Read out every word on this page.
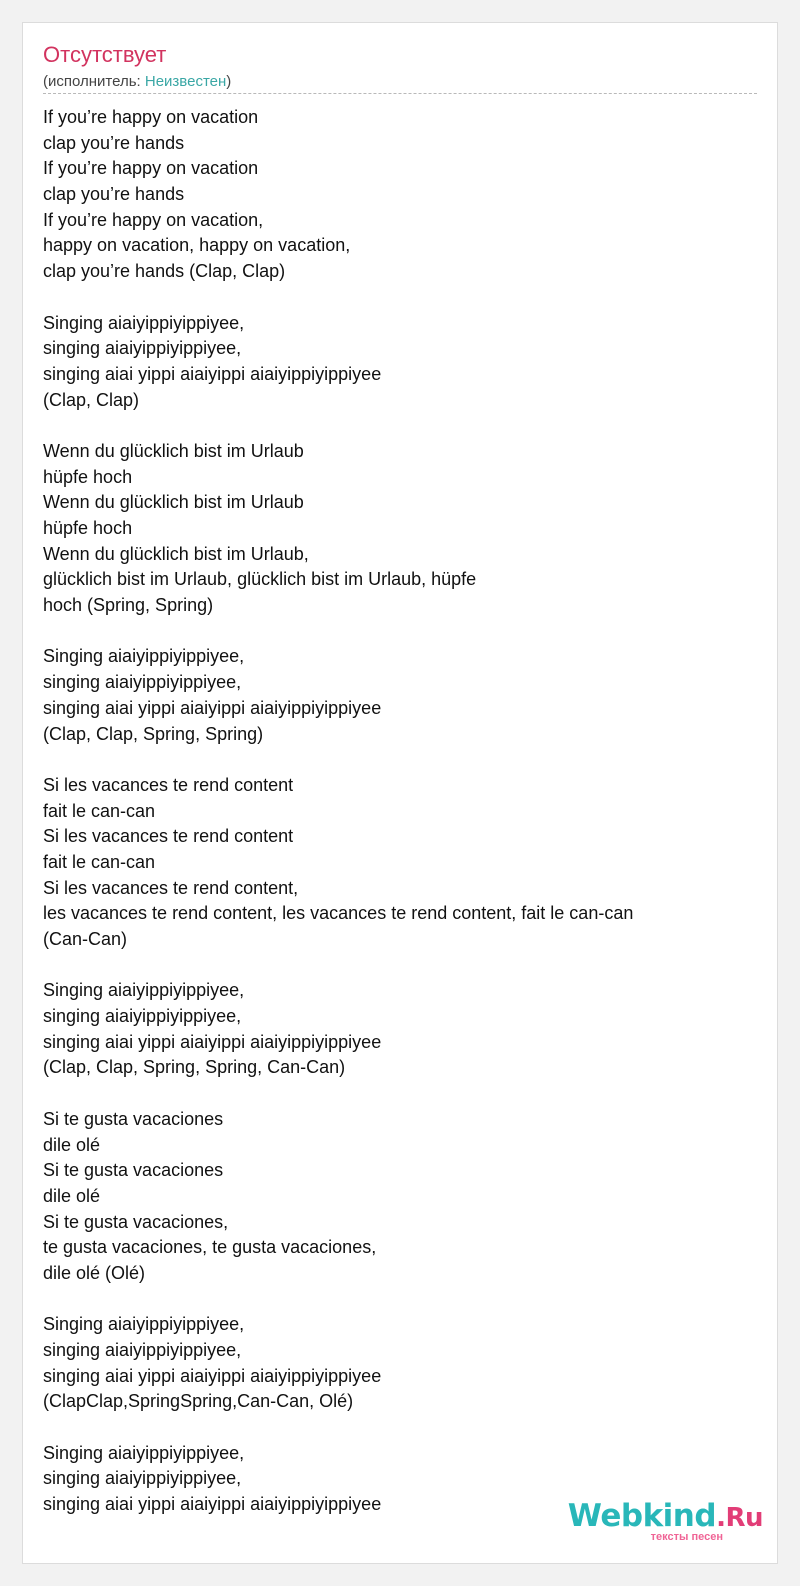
Отсутствует
(исполнитель: Неизвестен)
If you’re happy on vacation
clap you’re hands
If you’re happy on vacation
clap you’re hands
If you’re happy on vacation,
happy on vacation, happy on vacation,
clap you’re hands (Clap, Clap)
Singing aiaiyippiyippiyee,
singing aiaiyippiyippiyee,
singing aiai yippi aiaiyippi aiaiyippiyippiyee
(Clap, Clap)
Wenn du glücklich bist im Urlaub
hüpfe hoch
Wenn du glücklich bist im Urlaub
hüpfe hoch
Wenn du glücklich bist im Urlaub,
glücklich bist im Urlaub, glücklich bist im Urlaub, hüpfe
hoch (Spring, Spring)
Singing aiaiyippiyippiyee,
singing aiaiyippiyippiyee,
singing aiai yippi aiaiyippi aiaiyippiyippiyee
(Clap, Clap, Spring, Spring)
Si les vacances te rend content
fait le can-can
Si les vacances te rend content
fait le can-can
Si les vacances te rend content,
les vacances te rend content, les vacances te rend content, fait le can-can
(Can-Can)
Singing aiaiyippiyippiyee,
singing aiaiyippiyippiyee,
singing aiai yippi aiaiyippi aiaiyippiyippiyee
(Clap, Clap, Spring, Spring, Can-Can)
Si te gusta vacaciones
dile olé
Si te gusta vacaciones
dile olé
Si te gusta vacaciones,
te gusta vacaciones, te gusta vacaciones,
dile olé (Olé)
Singing aiaiyippiyippiyee,
singing aiaiyippiyippiyee,
singing aiai yippi aiaiyippi aiaiyippiyippiyee
(ClapClap,SpringSpring,Can-Can, Olé)
Singing aiaiyippiyippiyee,
singing aiaiyippiyippiyee,
singing aiai yippi aiaiyippi aiaiyippiyippiyee	Webkind.Ru
тексты песен
